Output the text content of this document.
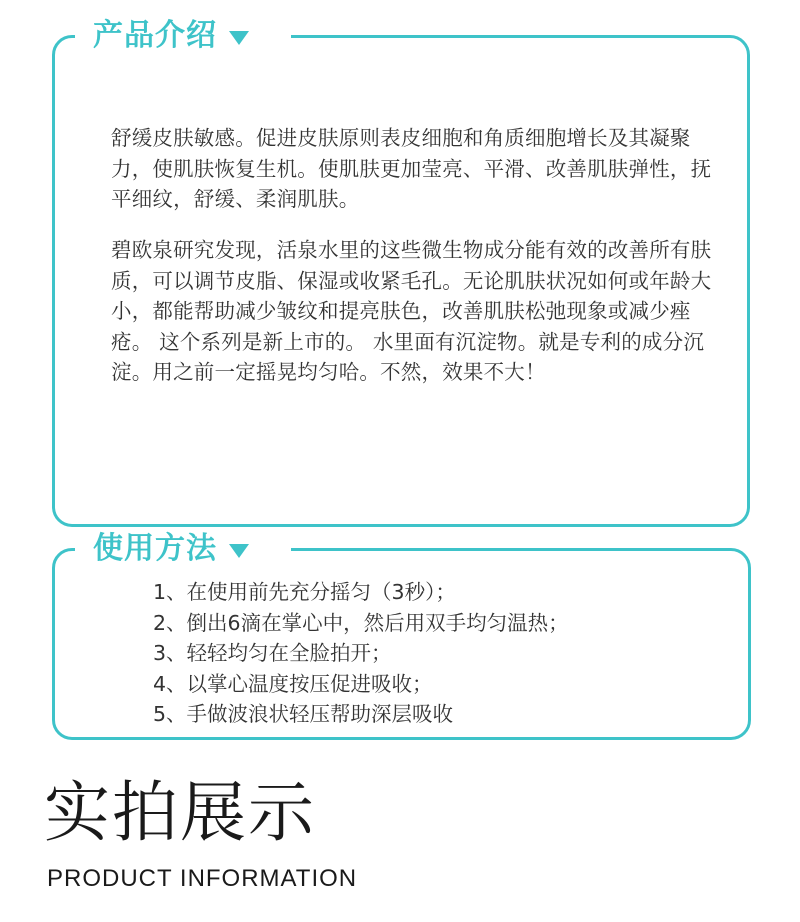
产品介绍

舒缓皮肤敏感。促进皮肤原则表皮细胞和角质细胞增长及其凝聚力，使肌肤恢复生机。使肌肤更加莹亮、平滑、改善肌肤弹性，抚平细纹，舒缓、柔润肌肤。

碧欧泉研究发现，活泉水里的这些微生物成分能有效的改善所有肤质，可以调节皮脂、保湿或收紧毛孔。无论肌肤状况如何或年龄大小，都能帮助减少皱纹和提亮肤色，改善肌肤松弛现象或减少痤疮。 这个系列是新上市的。 水里面有沉淀物。就是专利的成分沉淀。用之前一定摇晃均匀哈。不然，效果不大！

使用方法
1、在使用前先充分摇匀（3秒）；
2、倒出6滴在掌心中，然后用双手均匀温热；
3、轻轻均匀在全脸拍开；
4、以掌心温度按压促进吸收；
5、手做波浪状轻压帮助深层吸收
实拍展示
PRODUCT INFORMATION
